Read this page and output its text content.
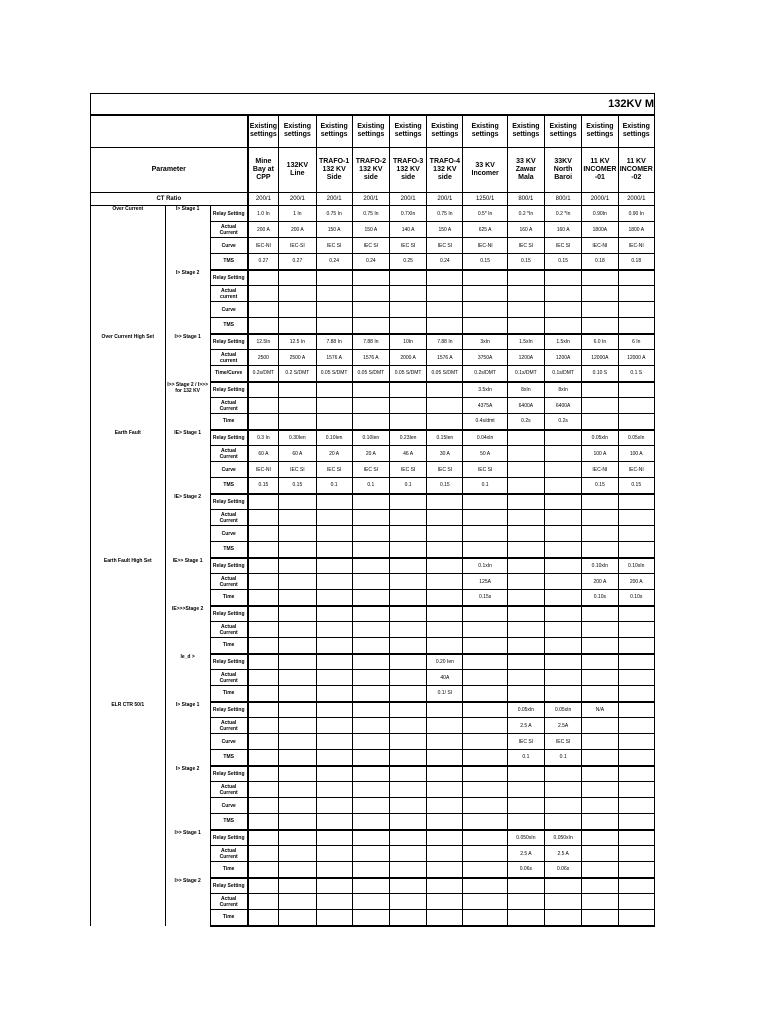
132KV M													
			Existing settings	Existing settings	Existing settings	Existing settings	Existing settings	Existing settings	Existing settings	Existing settings	Existing settings	Existing settings	Existing settings
Parameter			Mine Bay at CPP	132KV Line	TRAFO-1 132 KV Side	TRAFO-2 132 KV side	TRAFO-3 132 KV side	TRAFO-4 132 KV side	33 KV Incomer	33 KV Zawar Mala	33KV North Baroi	11 KV INCOMER -01	11 KV INCOMER -02
CT Ratio			200/1	200/1	200/1	200/1	200/1	200/1	1250/1	800/1	800/1	2000/1	2000/1
Over Current	I> Stage 1	Relay Setting	1.0 In	1 In	0.75 In	0.75 In	0.7XIn	0.75 In	0.5* In	0.2 *In	0.2 *In	0.90In	0.90 In
		Actual Current	200 A	200 A	150 A	150 A	140 A	150 A	625 A	160 A	160 A	1800A	1800 A
		Curve	IEC-NI	IEC-SI	IEC SI	IEC SI	IEC SI	IEC SI	IEC-NI	IEC SI	IEC SI	IEC-NI	IEC-NI
		TMS	0.27	0.27	0.24	0.24	0.25	0.24	0.15	0.15	0.15	0.18	0.18
	I> Stage 2	Relay Setting											
		Actual current											
		Curve											
		TMS											
Over Current High Set	I>> Stage 1	Relay Setting	12.5In	12.5 In	7.88 In	7.88 In	10In	7.88 In	3xIn	1.5xIn	1.5xIn	6.0 In	6 In
		Actual current	2500	2500 A	1576 A	1576 A	2000 A	1576 A	3750A	1200A	1200A	12000A	12000 A
		Time/Curve	0.2s/DMT	0.2 S/DMT	0.05 S/DMT	0.05 S/DMT	0.05 S/DMT	0.05 S/DMT	0.2s/DMT	0.1s/DMT	0.1s/DMT	0.10 S	0.1 S
	I>> Stage 2 / I>>> for 132 KV	Relay Setting							3.5xIn	8xIn	8xIn		
		Actual Current							4375A	6400A	6400A		
		Time							0.4s/dmt	0.2s	0.2s		
Earth Fault	IE> Stage 1	Relay Setting	0.3 In	0.30Ien	0.10Ien	0.10Ien	0.23Ien	0.15Ien	0.04xIn			0.05xIn	0.05xIn
		Actual Current	60 A	60 A	20 A	20 A	46 A	30 A	50 A			100 A	100 A
		Curve	IEC-NI	IEC SI	IEC SI	IEC SI	IEC SI	IEC SI	IEC SI			IEC-NI	IEC-NI
		TMS	0.15	0.15	0.1	0.1	0.1	0.15	0.1			0.15	0.15
	IE> Stage 2	Relay Setting											
		Actual Current											
		Curve											
		TMS											
Earth Fault High Set	IE>> Stage 1	Relay Setting							0.1xIn			0.10xIn	0.10xIn
		Actual Current							125A			200 A	200 A
		Time							0.15s			0.10s	0.10s
	IE>>>Stage 2	Relay Setting											
		Actual Current											
		Time											
	Ie_d >	Relay Setting						0.20 Ien					
		Actual Current						40A					
		Time						0.1/ SI					
ELR CTR 50/1	I> Stage 1	Relay Setting								0.05xIn	0.05xIn	N/A	
		Actual Current								2.5 A	2.5A		
		Curve								IEC SI	IEC SI		
		TMS								0.1	0.1		
	I> Stage 2	Relay Setting											
		Actual Current											
		Curve											
		TMS											
	I>> Stage 1	Relay Setting								0.050xIn	0.050xIn		
		Actual Current								2.5 A	2.5 A		
		Time								0.06s	0.06s		
	I>> Stage 2	Relay Setting											
		Actual Current											
		Time											
